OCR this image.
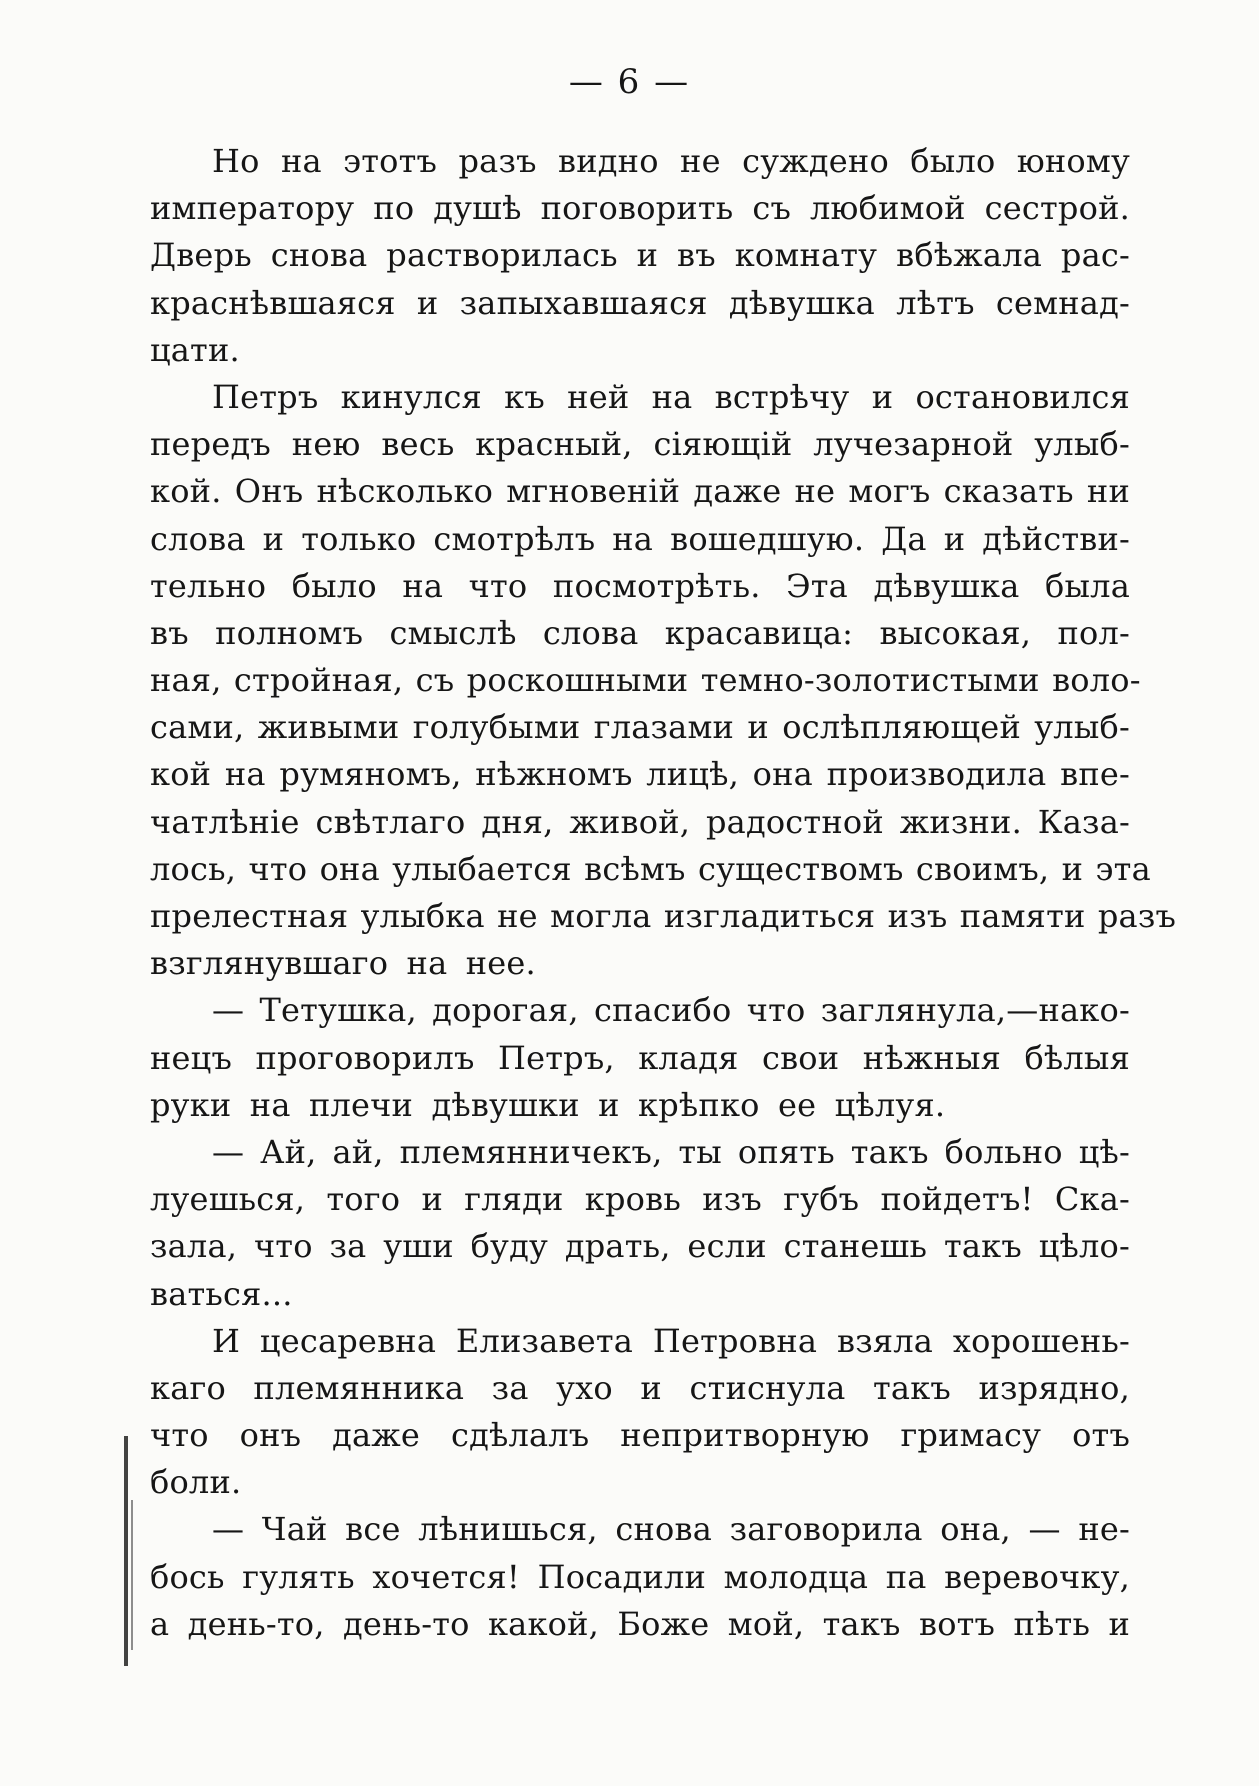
— 6 —
Но на этотъ разъ видно не суждено было юному
императору по душѣ поговорить съ любимой сестрой.
Дверь снова растворилась и въ комнату вбѣжала рас-
краснѣвшаяся и запыхавшаяся дѣвушка лѣтъ семнад-
цати.
Петръ кинулся къ ней на встрѣчу и остановился
передъ нею весь красный, сіяющій лучезарной улыб-
кой. Онъ нѣсколько мгновеній даже не могъ сказать ни
слова и только смотрѣлъ на вошедшую. Да и дѣйстви-
тельно было на что посмотрѣть. Эта дѣвушка была
въ полномъ смыслѣ слова красавица: высокая, пол-
ная, стройная, съ роскошными темно-золотистыми воло-
сами, живыми голубыми глазами и ослѣпляющей улыб-
кой на румяномъ, нѣжномъ лицѣ, она производила впе-
чатлѣніе свѣтлаго дня, живой, радостной жизни. Каза-
лось, что она улыбается всѣмъ существомъ своимъ, и эта
прелестная улыбка не могла изгладиться изъ памяти разъ
взглянувшаго на нее.
— Тетушка, дорогая, спасибо что заглянула,—нако-
нецъ проговорилъ Петръ, кладя свои нѣжныя бѣлыя
руки на плечи дѣвушки и крѣпко ее цѣлуя.
— Ай, ай, племянничекъ, ты опять такъ больно цѣ-
луешься, того и гляди кровь изъ губъ пойдетъ! Ска-
зала, что за уши буду драть, если станешь такъ цѣло-
ваться...
И цесаревна Елизавета Петровна взяла хорошень-
каго племянника за ухо и стиснула такъ изрядно,
что онъ даже сдѣлалъ непритворную гримасу отъ
боли.
— Чай все лѣнишься, снова заговорила она, — не-
бось гулять хочется! Посадили молодца па веревочку,
а день-то, день-то какой, Боже мой, такъ вотъ пѣть и
